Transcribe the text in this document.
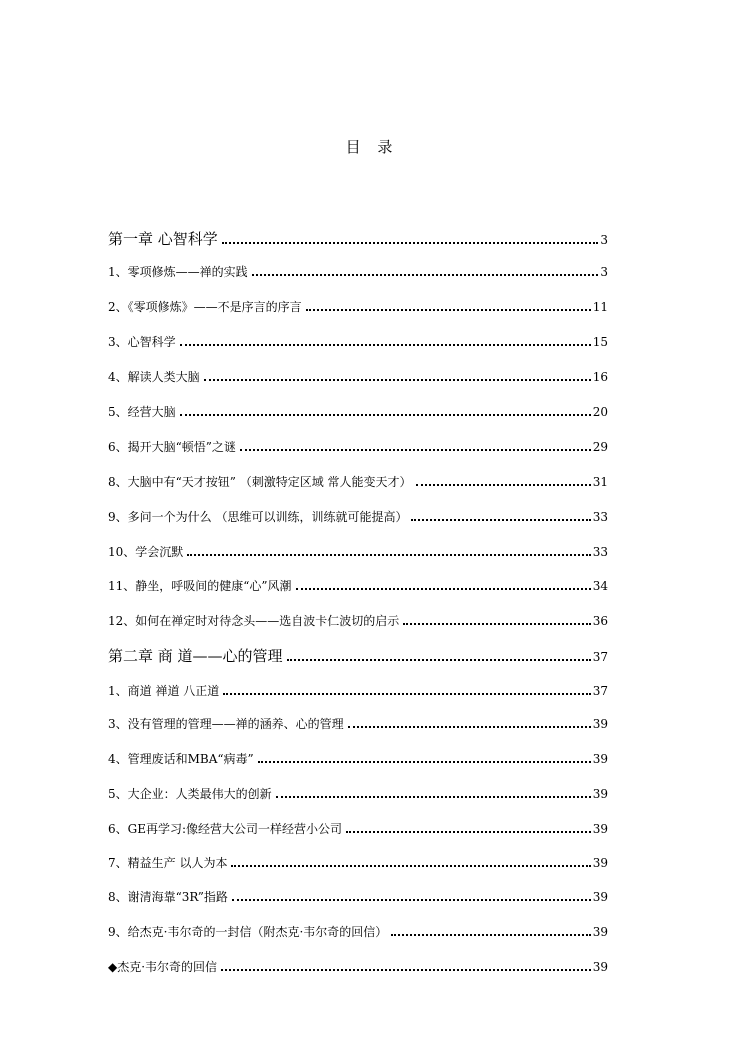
目 录
第一章 心智科学	3
1、零项修炼——禅的实践	3
2、《零项修炼》——不是序言的序言	11
3、心智科学	15
4、解读人类大脑	16
5、经营大脑	20
6、揭开大脑“顿悟”之谜	29
8、大脑中有“天才按钮” （刺激特定区域 常人能变天才）	31
9、多问一个为什么 （思维可以训练，训练就可能提高）	33
10、学会沉默	33
11、静坐，呼吸间的健康“心”风潮	34
12、如何在禅定时对待念头——选自波卡仁波切的启示	36
第二章 商 道——心的管理	37
1、商道 禅道 八正道	37
3、没有管理的管理——禅的涵养、心的管理	39
4、管理废话和MBA“病毒”	39
5、大企业：人类最伟大的创新	39
6、GE再学习:像经营大公司一样经营小公司	39
7、精益生产 以人为本	39
8、谢清海靠“3R”指路	39
9、给杰克·韦尔奇的一封信（附杰克·韦尔奇的回信）	39
◆杰克·韦尔奇的回信	39
